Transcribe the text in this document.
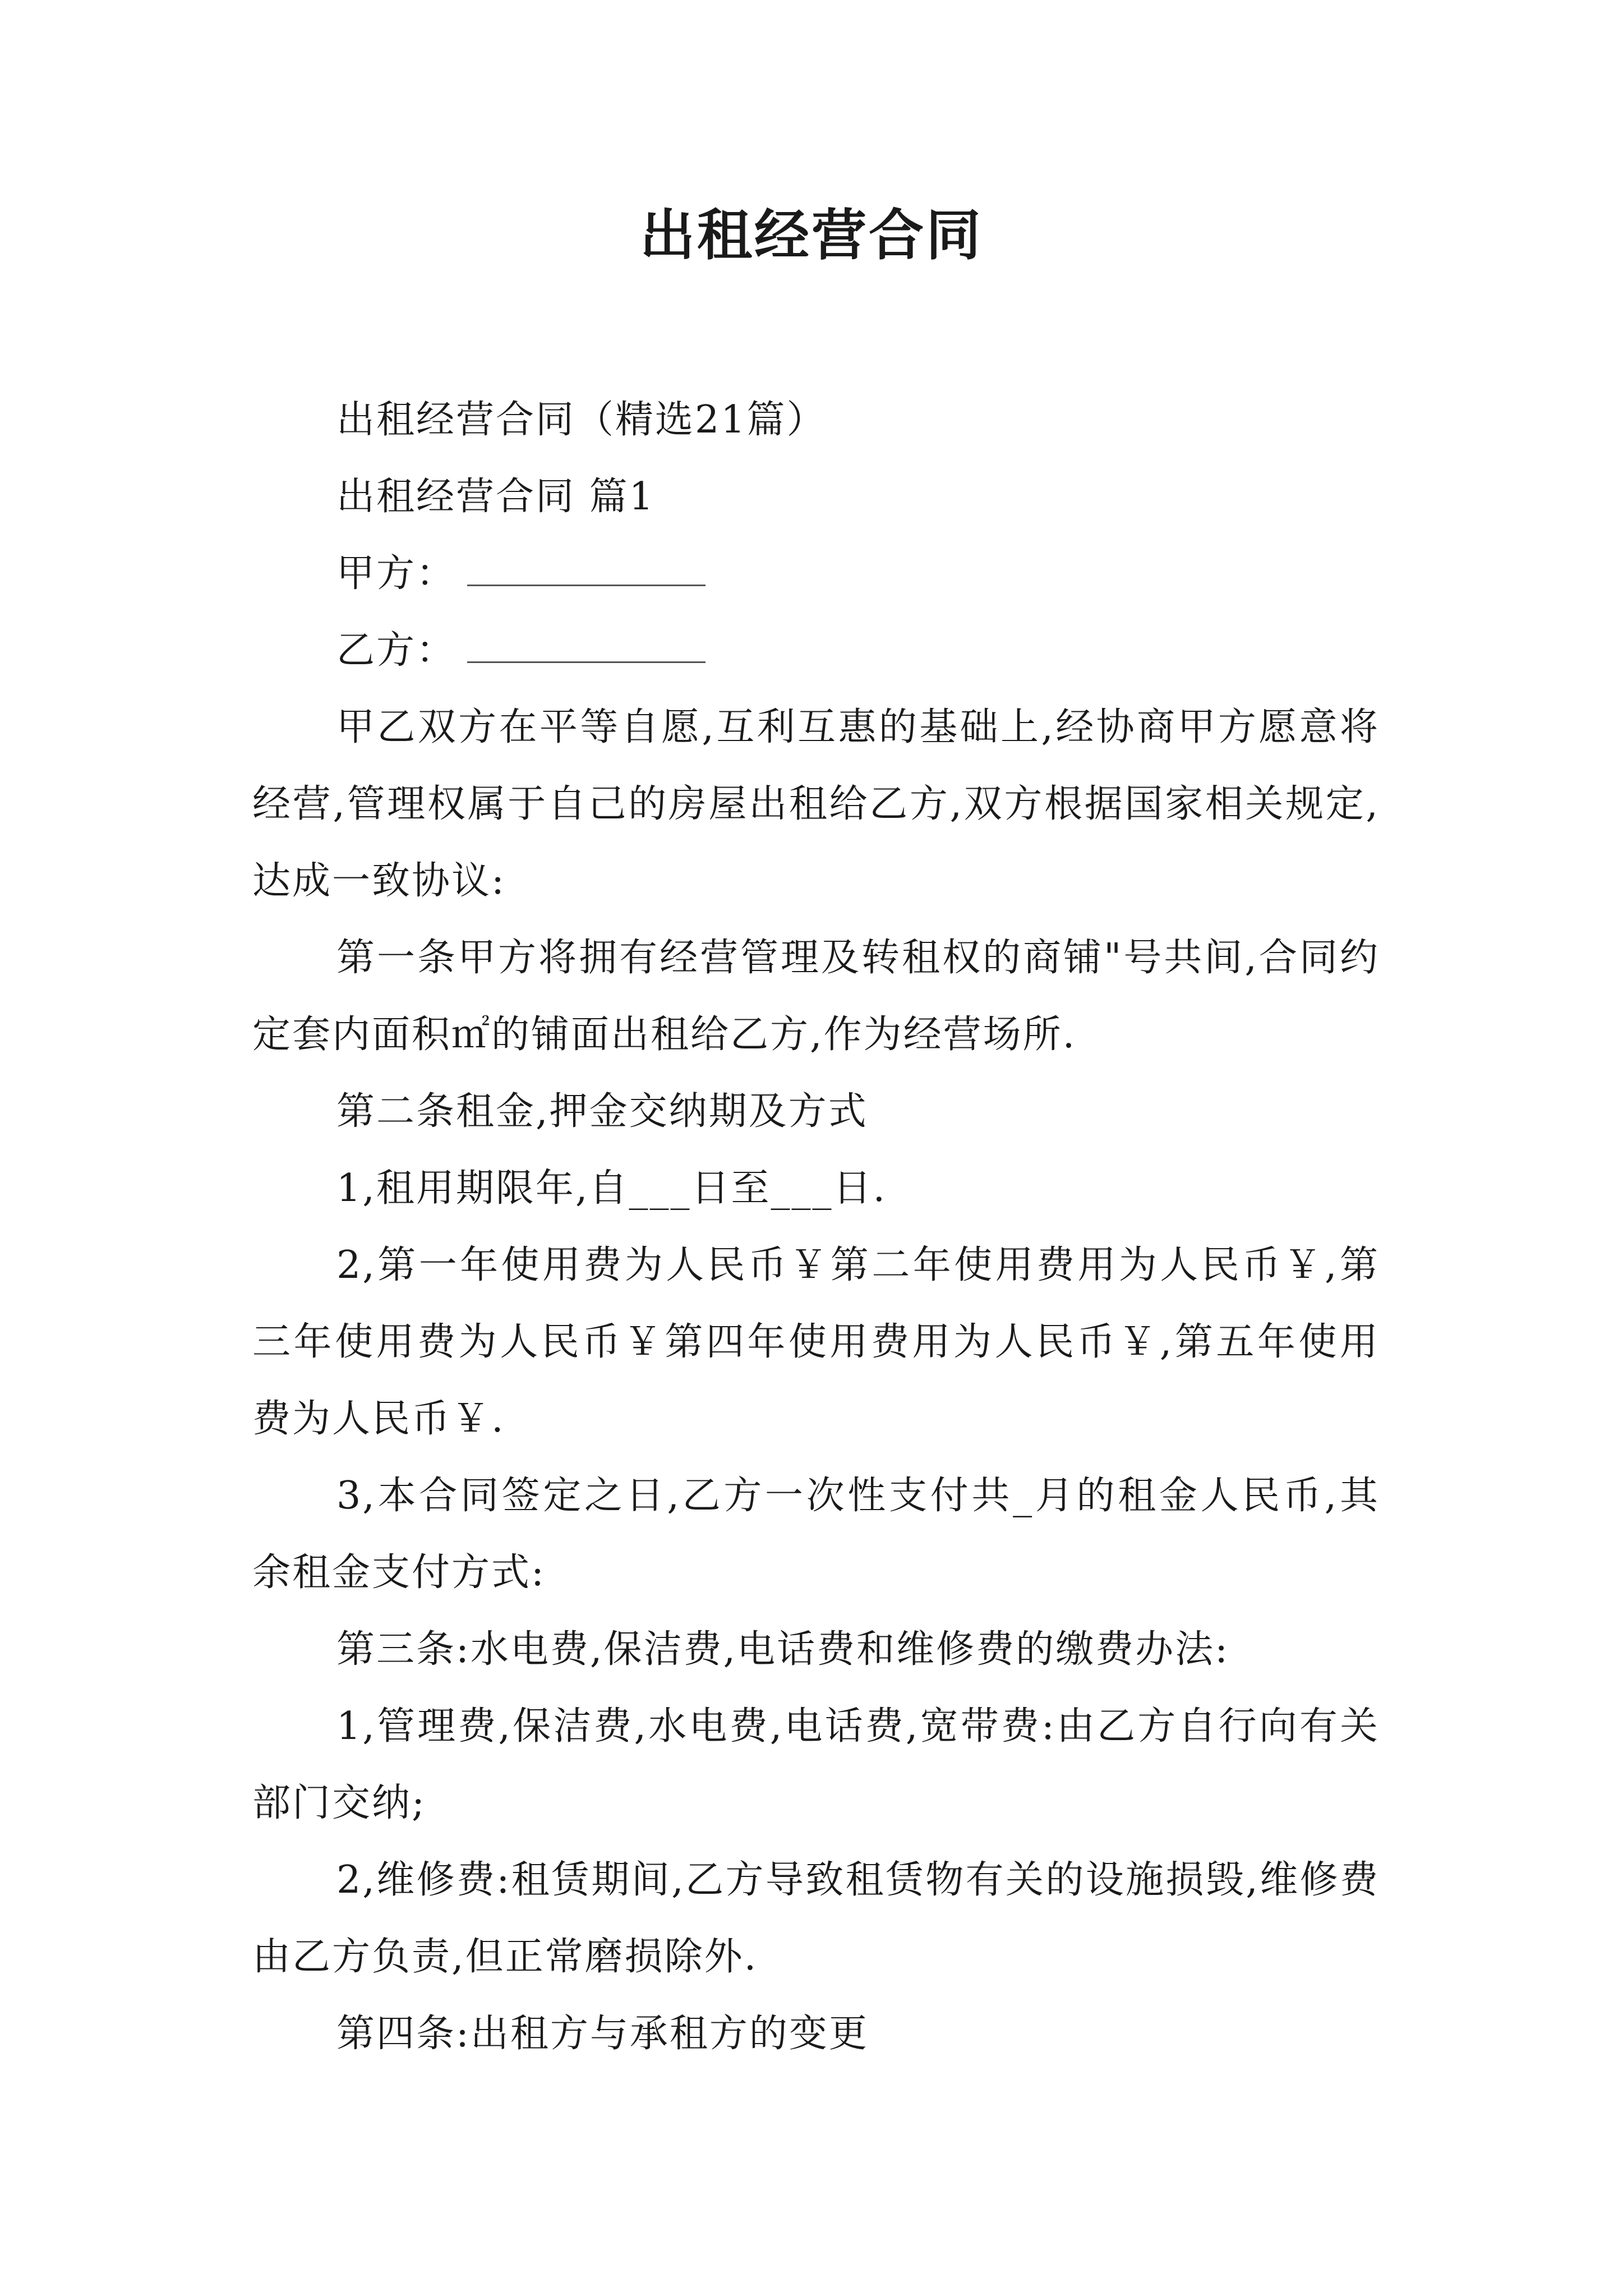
出租经营合同

出租经营合同（精选21篇）

出租经营合同 篇1

甲方：

乙方：

甲乙双方在平等自愿,互利互惠的基础上,经协商甲方愿意将经营,管理权属于自己的房屋出租给乙方,双方根据国家相关规定,达成一致协议:

第一条甲方将拥有经营管理及转租权的商铺"号共间,合同约定套内面积㎡的铺面出租给乙方,作为经营场所.

第二条租金,押金交纳期及方式

1,租用期限年,自___日至___日.

2,第一年使用费为人民币￥第二年使用费用为人民币￥,第三年使用费为人民币￥第四年使用费用为人民币￥,第五年使用费为人民币￥.

3,本合同签定之日,乙方一次性支付共_月的租金人民币,其余租金支付方式:

第三条:水电费,保洁费,电话费和维修费的缴费办法:

1,管理费,保洁费,水电费,电话费,宽带费:由乙方自行向有关部门交纳;

2,维修费:租赁期间,乙方导致租赁物有关的设施损毁,维修费由乙方负责,但正常磨损除外.

第四条:出租方与承租方的变更
